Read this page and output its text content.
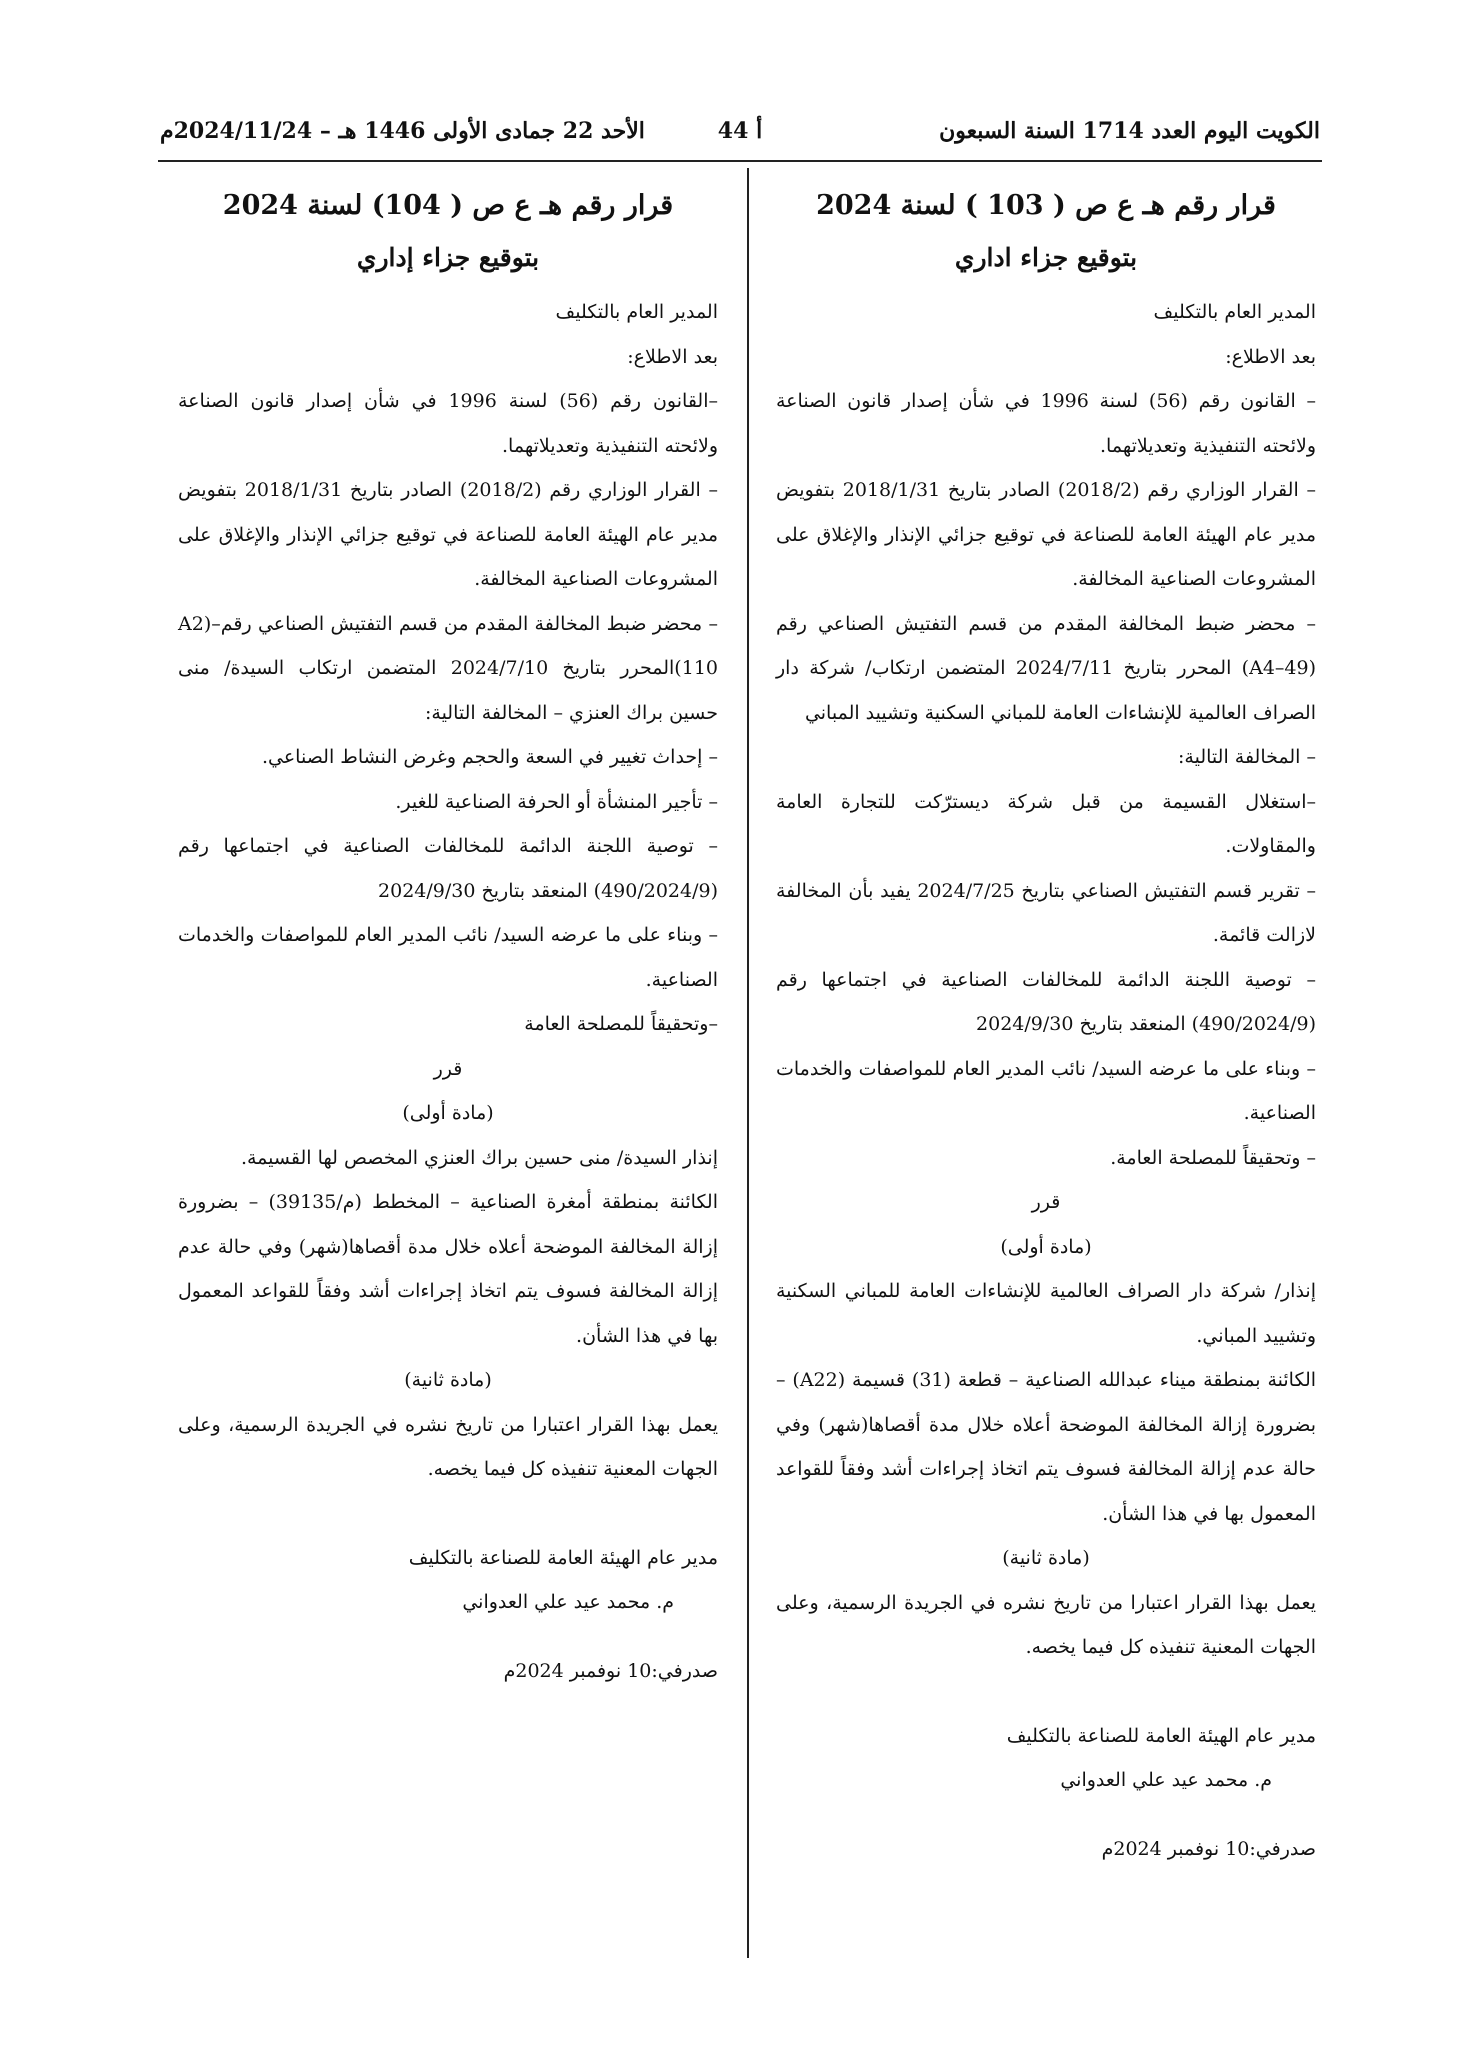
الكويت اليوم العدد 1714 السنة السبعون
أ 44
الأحد 22 جمادى الأولى 1446 هـ – 2024/11/24م

قرار رقم هـ ع ص ( 103 ) لسنة 2024

بتوقيع جزاء اداري

المدير العام بالتكليف

بعد الاطلاع:

– القانون رقم (56) لسنة 1996 في شأن إصدار قانون الصناعة ولائحته التنفيذية وتعديلاتهما.

– القرار الوزاري رقم (2018/2) الصادر بتاريخ 2018/1/31 بتفويض مدير عام الهيئة العامة للصناعة في توقيع جزائي الإنذار والإغلاق على المشروعات الصناعية المخالفة.

– محضر ضبط المخالفة المقدم من قسم التفتيش الصناعي رقم (A4–49) المحرر بتاريخ 2024/7/11 المتضمن ارتكاب/ شركة دار الصراف العالمية للإنشاءات العامة للمباني السكنية وتشييد المباني

– المخالفة التالية:

–استغلال القسيمة من قبل شركة ديسترّكت للتجارة العامة والمقاولات.

– تقرير قسم التفتيش الصناعي بتاريخ 2024/7/25 يفيد بأن المخالفة لازالت قائمة.

– توصية اللجنة الدائمة للمخالفات الصناعية في اجتماعها رقم (490/2024/9) المنعقد بتاريخ 2024/9/30

– وبناء على ما عرضه السيد/ نائب المدير العام للمواصفات والخدمات الصناعية.

– وتحقيقاً للمصلحة العامة.

قرر

(مادة أولى)

إنذار/ شركة دار الصراف العالمية للإنشاءات العامة للمباني السكنية وتشييد المباني.

الكائنة بمنطقة ميناء عبدالله الصناعية – قطعة (31) قسيمة (A22) – بضرورة إزالة المخالفة الموضحة أعلاه خلال مدة أقصاها(شهر) وفي حالة عدم إزالة المخالفة فسوف يتم اتخاذ إجراءات أشد وفقاً للقواعد المعمول بها في هذا الشأن.

(مادة ثانية)

يعمل بهذا القرار اعتبارا من تاريخ نشره في الجريدة الرسمية، وعلى الجهات المعنية تنفيذه كل فيما يخصه.

مدير عام الهيئة العامة للصناعة بالتكليف

م. محمد عيد علي العدواني

صدرفي:10 نوفمبر 2024م

قرار رقم هـ ع ص ( 104) لسنة 2024

بتوقيع جزاء إداري

المدير العام بالتكليف

بعد الاطلاع:

–القانون رقم (56) لسنة 1996 في شأن إصدار قانون الصناعة ولائحته التنفيذية وتعديلاتهما.

– القرار الوزاري رقم (2018/2) الصادر بتاريخ 2018/1/31 بتفويض مدير عام الهيئة العامة للصناعة في توقيع جزائي الإنذار والإغلاق على المشروعات الصناعية المخالفة.

– محضر ضبط المخالفة المقدم من قسم التفتيش الصناعي رقم–(A2 110)المحرر بتاريخ 2024/7/10 المتضمن ارتكاب السيدة/ منى حسين براك العنزي – المخالفة التالية:

– إحداث تغيير في السعة والحجم وغرض النشاط الصناعي.

– تأجير المنشأة أو الحرفة الصناعية للغير.

– توصية اللجنة الدائمة للمخالفات الصناعية في اجتماعها رقم (490/2024/9) المنعقد بتاريخ 2024/9/30

– وبناء على ما عرضه السيد/ نائب المدير العام للمواصفات والخدمات الصناعية.

–وتحقيقاً للمصلحة العامة

قرر

(مادة أولى)

إنذار السيدة/ منى حسين براك العنزي المخصص لها القسيمة.

الكائنة بمنطقة أمغرة الصناعية – المخطط (م/39135) – بضرورة إزالة المخالفة الموضحة أعلاه خلال مدة أقصاها(شهر) وفي حالة عدم إزالة المخالفة فسوف يتم اتخاذ إجراءات أشد وفقاً للقواعد المعمول بها في هذا الشأن.

(مادة ثانية)

يعمل بهذا القرار اعتبارا من تاريخ نشره في الجريدة الرسمية، وعلى الجهات المعنية تنفيذه كل فيما يخصه.

مدير عام الهيئة العامة للصناعة بالتكليف

م. محمد عيد علي العدواني

صدرفي:10 نوفمبر 2024م
